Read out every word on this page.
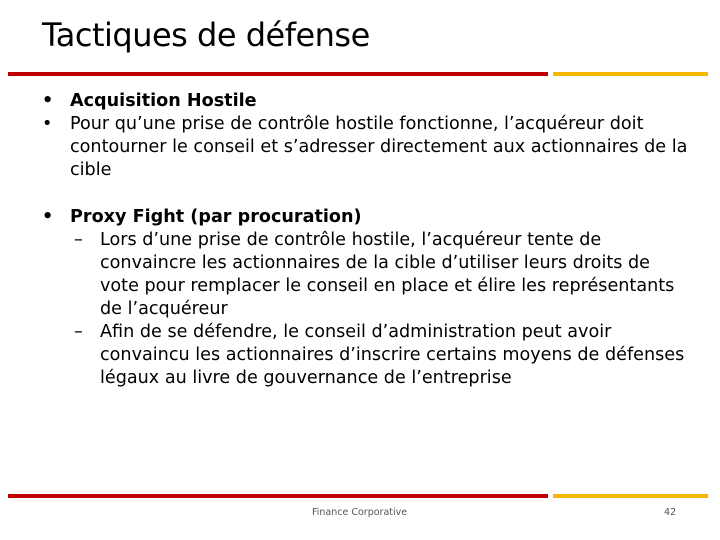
Tactiques de défense

• Acquisition Hostile

• Pour qu’une prise de contrôle hostile fonctionne, l’acquéreur doit contourner le conseil et s’adresser directement aux actionnaires de la cible

• Proxy Fight (par procuration)

– Lors d’une prise de contrôle hostile, l’acquéreur tente de convaincre les actionnaires de la cible d’utiliser leurs droits de vote pour remplacer le conseil en place et élire les représentants de l’acquéreur
– Afin de se défendre, le conseil d’administration peut avoir convaincu les actionnaires d’inscrire certains moyens de défenses légaux au livre de gouvernance de l’entreprise
Finance Corporative	42
